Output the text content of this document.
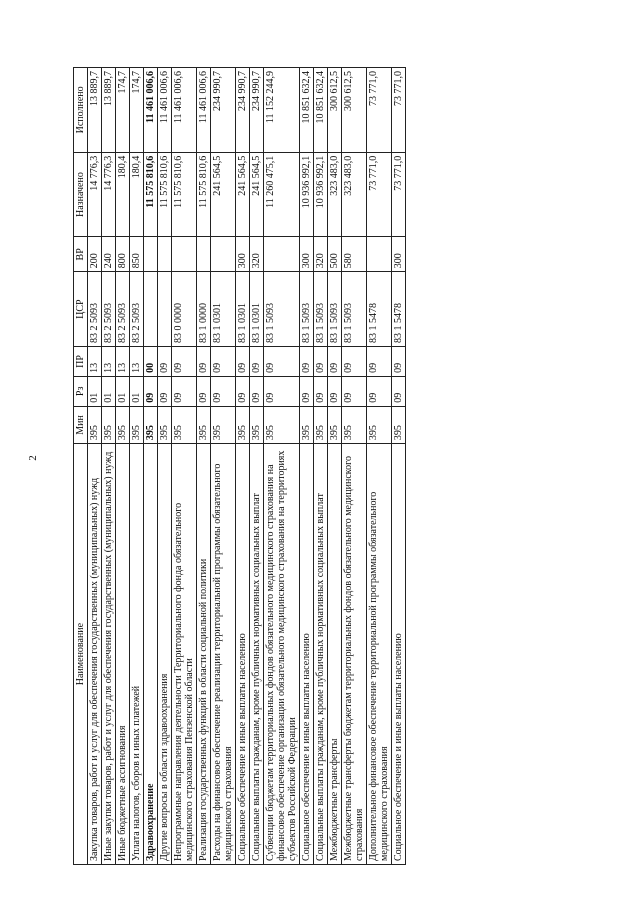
2
Наименование	Мин	Рз	ПР	ЦСР	ВР	Назначено	Исполнено
Закупка товаров, работ и услуг для обеспечения государственных (муниципальных) нужд	395	01	13	83 2 5093	200	14 776,3	13 889,7
Иные закупки товаров, работ и услуг для обеспечения государственных (муниципальных) нужд	395	01	13	83 2 5093	240	14 776,3	13 889,7
Иные бюджетные ассигнования	395	01	13	83 2 5093	800	180,4	174,7
Уплата налогов, сборов и иных платежей	395	01	13	83 2 5093	850	180,4	174,7
Здравоохранение	395	09	00			11 575 810,6	11 461 006,6
Другие вопросы в области здравоохранения	395	09	09			11 575 810,6	11 461 006,6
Непрограммные направления деятельности Территориального фонда обязательного медицинского страхования Пензенской области	395	09	09	83 0 0000		11 575 810,6	11 461 006,6
Реализация государственных функций в области социальной политики	395	09	09	83 1 0000		11 575 810,6	11 461 006,6
Расходы на финансовое обеспечение реализации территориальной программы обязательного медицинского страхования	395	09	09	83 1 0301		241 564,5	234 990,7
Социальное обеспечение и иные выплаты населению	395	09	09	83 1 0301	300	241 564,5	234 990,7
Социальные выплаты гражданам, кроме публичных нормативных социальных выплат	395	09	09	83 1 0301	320	241 564,5	234 990,7
Субвенции бюджетам территориальных фондов обязательного медицинского страхования на финансовое обеспечение организации обязательного медицинского страхования на территориях субъектов Российской Федерации	395	09	09	83 1 5093		11 260 475,1	11 152 244,9
Социальное обеспечение и иные выплаты населению	395	09	09	83 1 5093	300	10 936 992,1	10 851 632,4
Социальные выплаты гражданам, кроме публичных нормативных социальных выплат	395	09	09	83 1 5093	320	10 936 992,1	10 851 632,4
Межбюджетные трансферты	395	09	09	83 1 5093	500	323 483,0	300 612,5
Межбюджетные трансферты бюджетам территориальных фондов обязательного медицинского страхования	395	09	09	83 1 5093	580	323 483,0	300 612,5
Дополнительное финансовое обеспечение территориальной программы обязательного медицинского страхования	395	09	09	83 1 5478		73 771,0	73 771,0
Социальное обеспечение и иные выплаты населению	395	09	09	83 1 5478	300	73 771,0	73 771,0
